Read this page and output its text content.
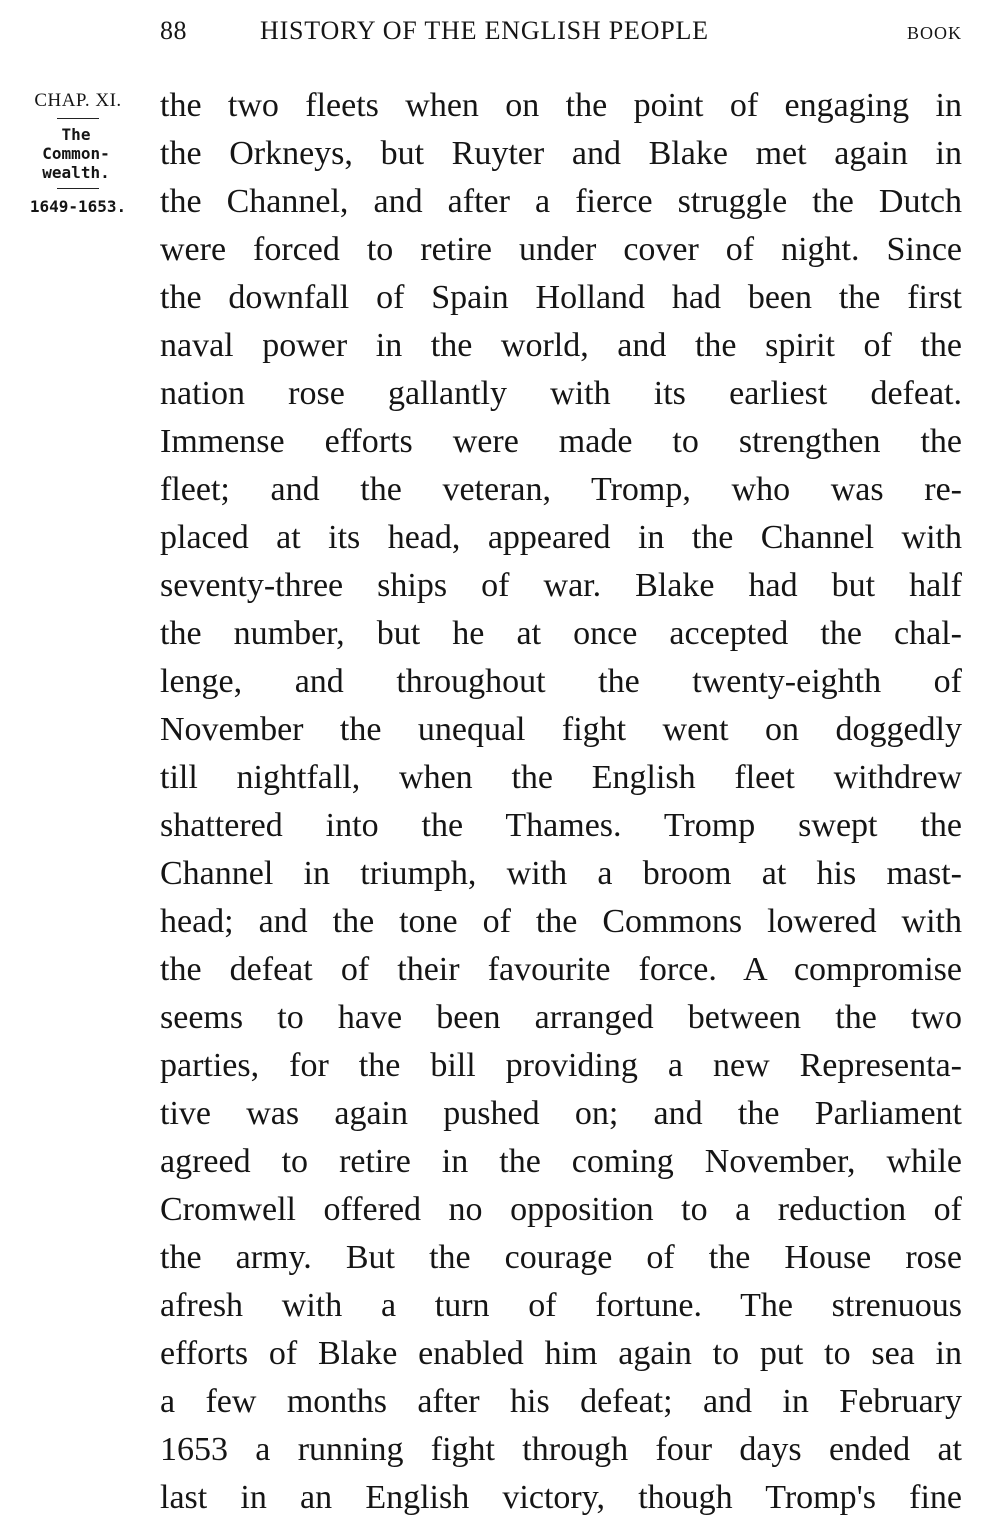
88	HISTORY OF THE ENGLISH PEOPLE	BOOK
CHAP. XI.
The
Common-
wealth.
1649-1653.
the two fleets when on the point of engaging in
the Orkneys, but Ruyter and Blake met again in
the Channel, and after a fierce struggle the Dutch
were forced to retire under cover of night. Since
the downfall of Spain Holland had been the first
naval power in the world, and the spirit of the
nation rose gallantly with its earliest defeat.
Immense efforts were made to strengthen the
fleet; and the veteran, Tromp, who was re-
placed at its head, appeared in the Channel with
seventy-three ships of war. Blake had but half
the number, but he at once accepted the chal-
lenge, and throughout the twenty-eighth of
November the unequal fight went on doggedly
till nightfall, when the English fleet withdrew
shattered into the Thames. Tromp swept the
Channel in triumph, with a broom at his mast-
head; and the tone of the Commons lowered with
the defeat of their favourite force. A compromise
seems to have been arranged between the two
parties, for the bill providing a new Representa-
tive was again pushed on; and the Parliament
agreed to retire in the coming November, while
Cromwell offered no opposition to a reduction of
the army. But the courage of the House rose
afresh with a turn of fortune. The strenuous
efforts of Blake enabled him again to put to sea in
a few months after his defeat; and in February
1653 a running fight through four days ended at
last in an English victory, though Tromp's fine
